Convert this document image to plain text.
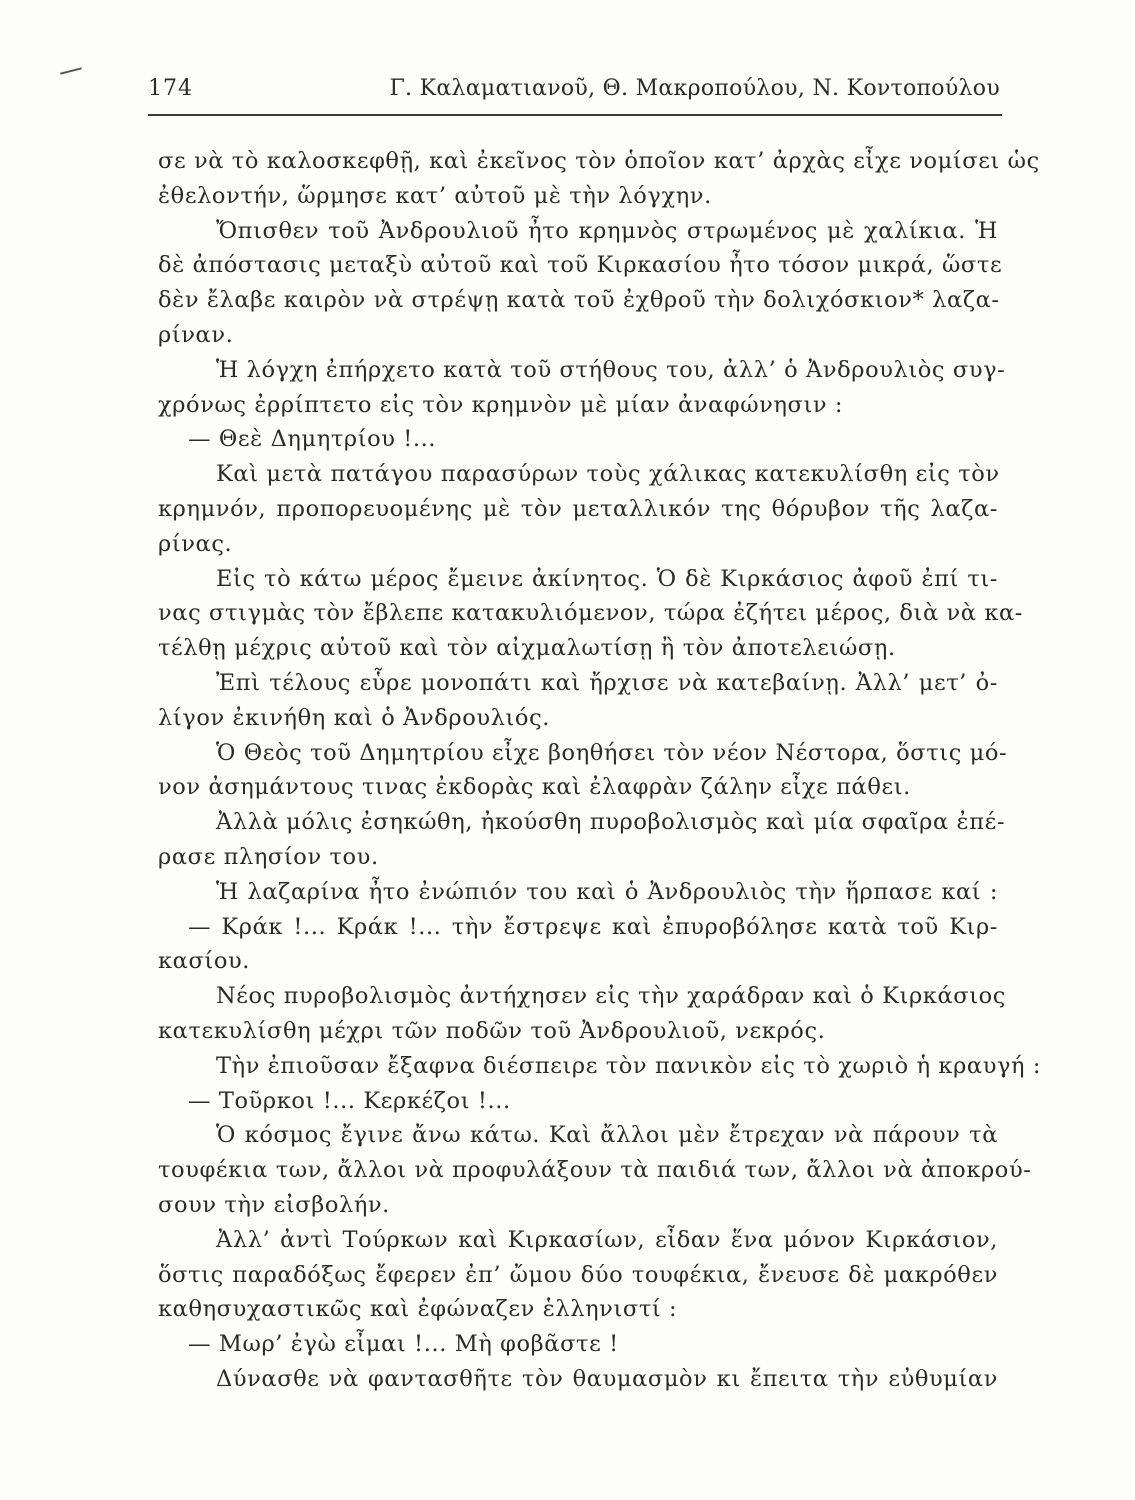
174	Γ. Καλαματιανοῦ, Θ. Μακροπούλου, Ν. Κοντοπούλου
σε νὰ τὸ καλοσκεφθῇ, καὶ ἐκεῖνος τὸν ὁποῖον κατ’ ἀρχὰς εἶχε νομίσει ὡς
ἐθελοντήν, ὥρμησε κατ’ αὐτοῦ μὲ τὴν λόγχην.
Ὄπισθεν τοῦ Ἀνδρουλιοῦ ἦτο κρημνὸς στρωμένος μὲ χαλίκια. Ἡ
δὲ ἀπόστασις μεταξὺ αὐτοῦ καὶ τοῦ Κιρκασίου ἦτο τόσον μικρά, ὥστε
δὲν ἔλαβε καιρὸν νὰ στρέψῃ κατὰ τοῦ ἐχθροῦ τὴν δολιχόσκιον* λαζα-
ρίναν.
Ἡ λόγχη ἐπήρχετο κατὰ τοῦ στήθους του, ἀλλ’ ὁ Ἀνδρουλιὸς συγ-
χρόνως ἐρρίπτετο εἰς τὸν κρημνὸν μὲ μίαν ἀναφώνησιν :
— Θεὲ Δημητρίου !...
Καὶ μετὰ πατάγου παρασύρων τοὺς χάλικας κατεκυλίσθη εἰς τὸν
κρημνόν, προπορευομένης μὲ τὸν μεταλλικόν της θόρυβον τῆς λαζα-
ρίνας.
Εἰς τὸ κάτω μέρος ἔμεινε ἀκίνητος. Ὁ δὲ Κιρκάσιος ἀφοῦ ἐπί τι-
νας στιγμὰς τὸν ἔβλεπε κατακυλιόμενον, τώρα ἐζήτει μέρος, διὰ νὰ κα-
τέλθῃ μέχρις αὐτοῦ καὶ τὸν αἰχμαλωτίσῃ ἢ τὸν ἀποτελειώσῃ.
Ἐπὶ τέλους εὗρε μονοπάτι καὶ ἤρχισε νὰ κατεβαίνῃ. Ἀλλ’ μετ’ ὀ-
λίγον ἐκινήθη καὶ ὁ Ἀνδρουλιός.
Ὁ Θεὸς τοῦ Δημητρίου εἶχε βοηθήσει τὸν νέον Νέστορα, ὅστις μό-
νον ἀσημάντους τινας ἐκδορὰς καὶ ἐλαφρὰν ζάλην εἶχε πάθει.
Ἀλλὰ μόλις ἐσηκώθη, ἠκούσθη πυροβολισμὸς καὶ μία σφαῖρα ἐπέ-
ρασε πλησίον του.
Ἡ λαζαρίνα ἦτο ἐνώπιόν του καὶ ὁ Ἀνδρουλιὸς τὴν ἥρπασε καί :
— Κράκ !... Κράκ !... τὴν ἔστρεψε καὶ ἐπυροβόλησε κατὰ τοῦ Κιρ-
κασίου.
Νέος πυροβολισμὸς ἀντήχησεν εἰς τὴν χαράδραν καὶ ὁ Κιρκάσιος
κατεκυλίσθη μέχρι τῶν ποδῶν τοῦ Ἀνδρουλιοῦ, νεκρός.
Τὴν ἐπιοῦσαν ἔξαφνα διέσπειρε τὸν πανικὸν εἰς τὸ χωριὸ ἡ κραυγή :
— Τοῦρκοι !... Κερκέζοι !...
Ὁ κόσμος ἔγινε ἄνω κάτω. Καὶ ἄλλοι μὲν ἔτρεχαν νὰ πάρουν τὰ
τουφέκια των, ἄλλοι νὰ προφυλάξουν τὰ παιδιά των, ἄλλοι νὰ ἀποκρού-
σουν τὴν εἰσβολήν.
Ἀλλ’ ἀντὶ Τούρκων καὶ Κιρκασίων, εἶδαν ἕνα μόνον Κιρκάσιον,
ὅστις παραδόξως ἔφερεν ἐπ’ ὤμου δύο τουφέκια, ἔνευσε δὲ μακρόθεν
καθησυχαστικῶς καὶ ἐφώναζεν ἑλληνιστί :
— Μωρ’ ἐγὼ εἶμαι !... Μὴ φοβᾶστε !
Δύνασθε νὰ φαντασθῆτε τὸν θαυμασμὸν κι ἔπειτα τὴν εὐθυμίαν
